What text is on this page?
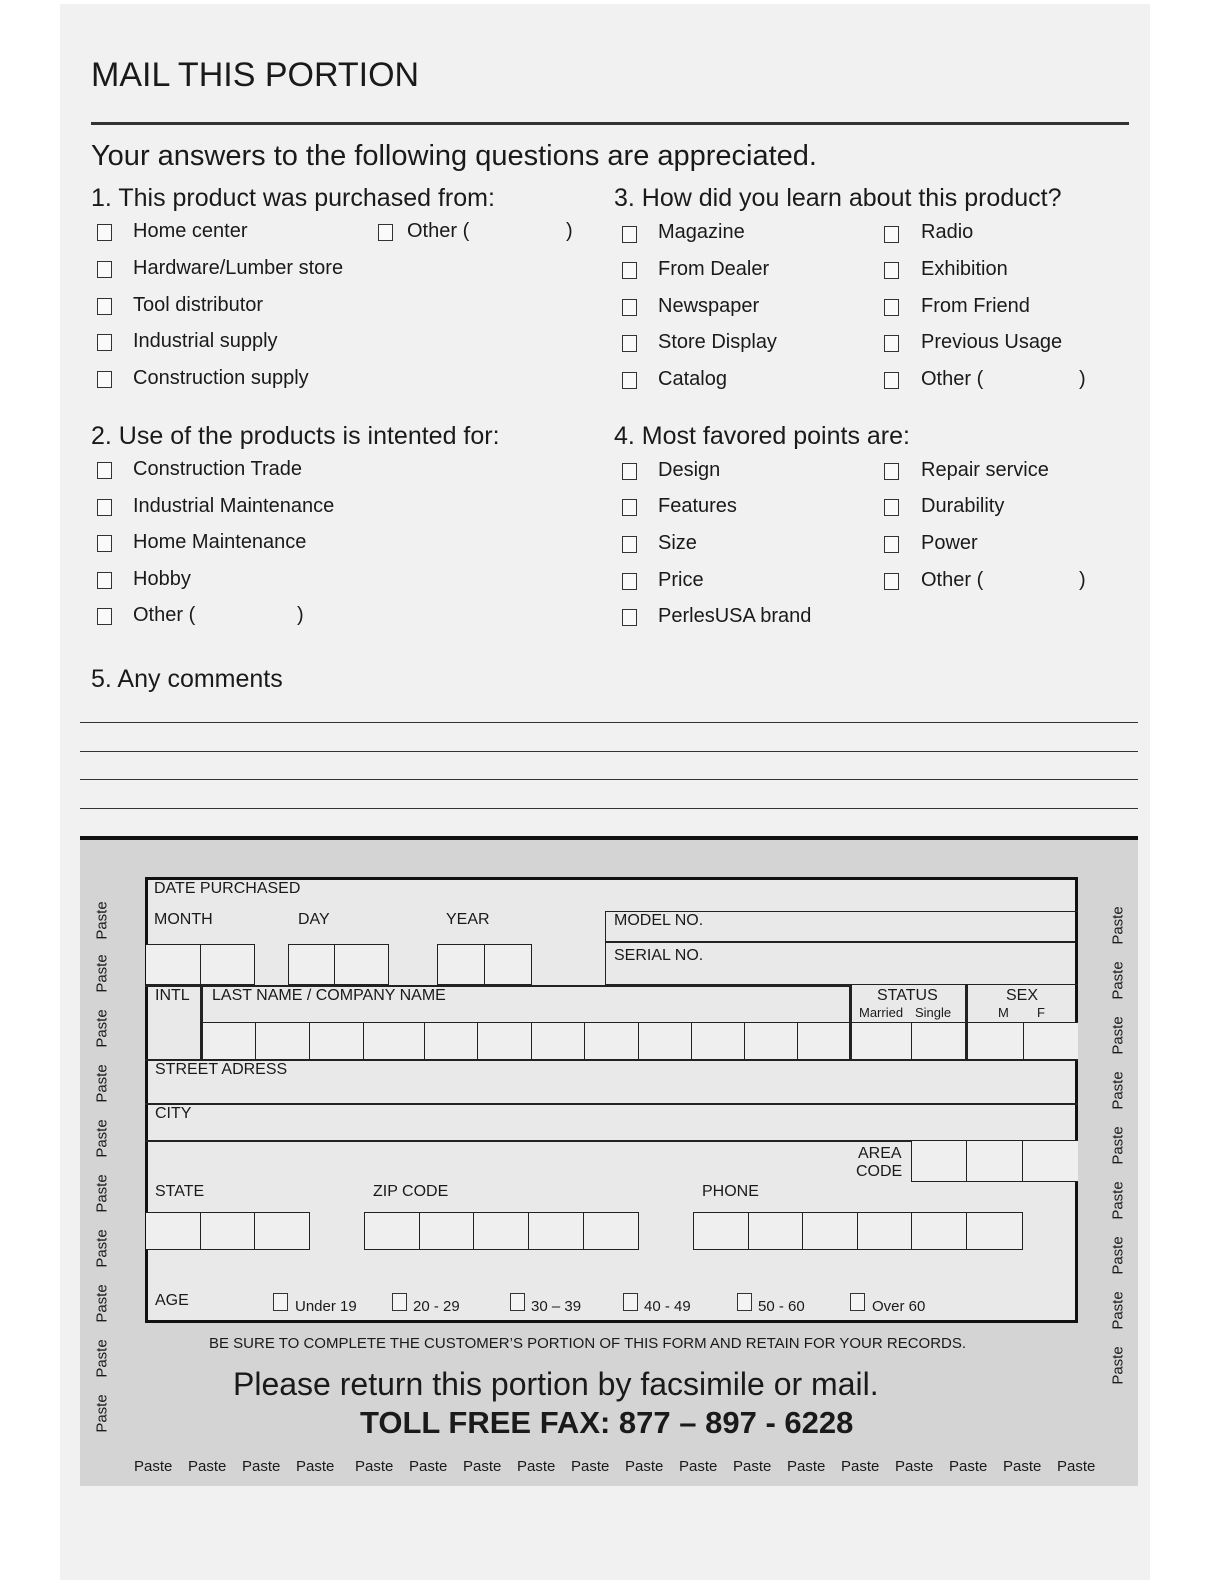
MAIL THIS PORTION
Your answers to the following questions are appreciated.
1. This product was purchased from:
Home center
Hardware/Lumber store
Tool distributor
Industrial supply
Construction supply
Other (	)
3. How did you learn about this product?
Magazine
From Dealer
Newspaper
Store Display
Catalog
Radio
Exhibition
From Friend
Previous Usage
Other (	)
2. Use of the products is intented for:
Construction Trade
Industrial Maintenance
Home Maintenance
Hobby
Other (	)
4. Most favored points are:
Design
Features
Size
Price
PerlesUSA brand
Repair service
Durability
Power
Other (	)
5. Any comments
Paste
Paste
Paste
Paste
Paste
Paste
Paste
Paste
Paste
Paste
Paste
Paste
Paste
Paste
Paste
Paste
Paste
Paste
Paste
Paste Paste Paste Paste Paste Paste Paste Paste Paste Paste Paste Paste Paste Paste Paste Paste Paste Paste
DATE PURCHASED
MONTH	DAY	YEAR	MODEL NO.
SERIAL NO.
INTL LAST NAME / COMPANY NAME	STATUS
Married Single
SEX
M F
STREET ADRESS
CITY
AREA
CODE
STATE	ZIP CODE	PHONE
AGE	Under 19	20 - 29	30 – 39	40 - 49	50 - 60	Over 60
BE SURE TO COMPLETE THE CUSTOMER’S PORTION OF THIS FORM AND RETAIN FOR YOUR RECORDS.
Please return this portion by facsimile or mail.
TOLL FREE FAX: 877 – 897 - 6228
